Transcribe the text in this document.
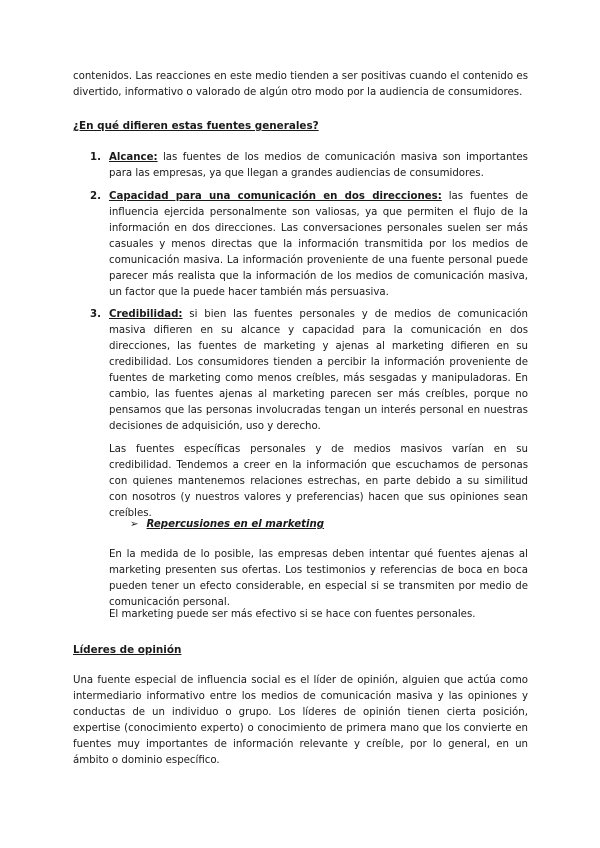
contenidos. Las reacciones en este medio tienden a ser positivas cuando el contenido es divertido, informativo o valorado de algún otro modo por la audiencia de consumidores.

¿En qué difieren estas fuentes generales?

1. Alcance: las fuentes de los medios de comunicación masiva son importantes para las empresas, ya que llegan a grandes audiencias de consumidores.

2. Capacidad para una comunicación en dos direcciones: las fuentes de influencia ejercida personalmente son valiosas, ya que permiten el flujo de la información en dos direcciones. Las conversaciones personales suelen ser más casuales y menos directas que la información transmitida por los medios de comunicación masiva. La información proveniente de una fuente personal puede parecer más realista que la información de los medios de comunicación masiva, un factor que la puede hacer también más persuasiva.

3. Credibilidad: si bien las fuentes personales y de medios de comunicación masiva difieren en su alcance y capacidad para la comunicación en dos direcciones, las fuentes de marketing y ajenas al marketing difieren en su credibilidad. Los consumidores tienden a percibir la información proveniente de fuentes de marketing como menos creíbles, más sesgadas y manipuladoras. En cambio, las fuentes ajenas al marketing parecen ser más creíbles, porque no pensamos que las personas involucradas tengan un interés personal en nuestras decisiones de adquisición, uso y derecho.

Las fuentes específicas personales y de medios masivos varían en su credibilidad. Tendemos a creer en la información que escuchamos de personas con quienes mantenemos relaciones estrechas, en parte debido a su similitud con nosotros (y nuestros valores y preferencias) hacen que sus opiniones sean creíbles.

➢ Repercusiones en el marketing

En la medida de lo posible, las empresas deben intentar qué fuentes ajenas al marketing presenten sus ofertas. Los testimonios y referencias de boca en boca pueden tener un efecto considerable, en especial si se transmiten por medio de comunicación personal.

El marketing puede ser más efectivo si se hace con fuentes personales.

Líderes de opinión

Una fuente especial de influencia social es el líder de opinión, alguien que actúa como intermediario informativo entre los medios de comunicación masiva y las opiniones y conductas de un individuo o grupo. Los líderes de opinión tienen cierta posición, expertise (conocimiento experto) o conocimiento de primera mano que los convierte en fuentes muy importantes de información relevante y creíble, por lo general, en un ámbito o dominio específico.
